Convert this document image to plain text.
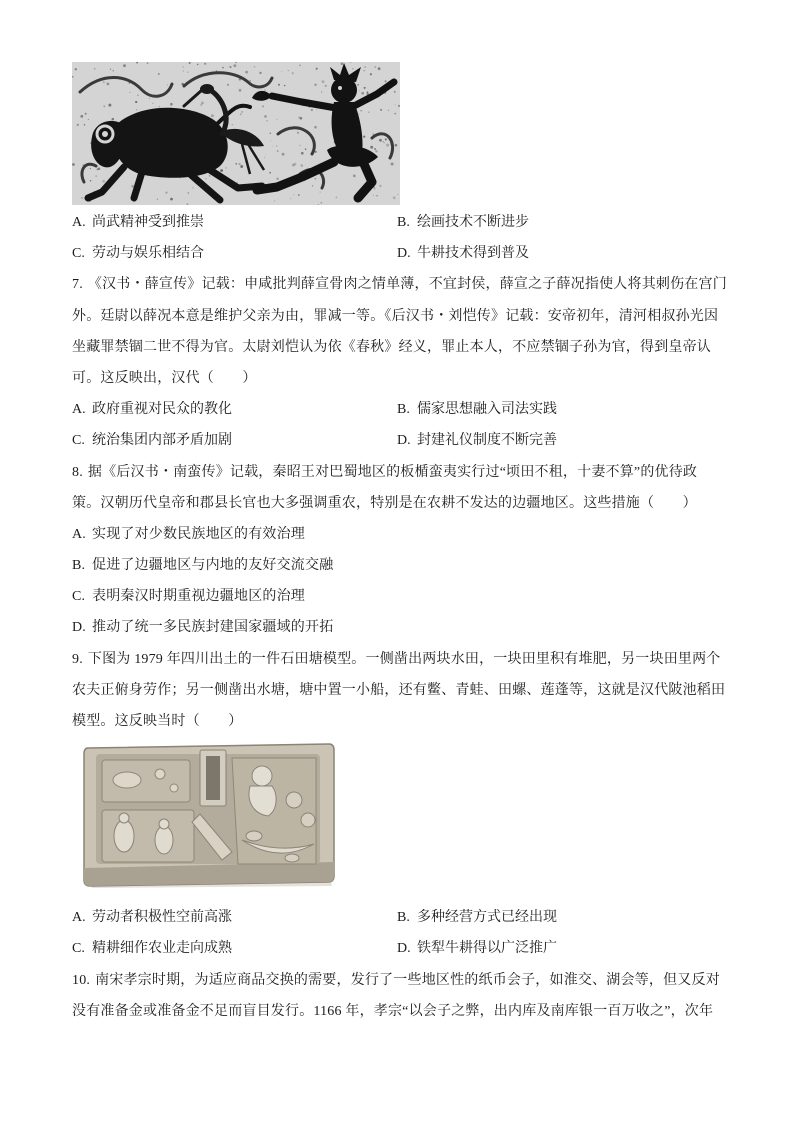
A. 尚武精神受到推崇	B. 绘画技术不断进步
C. 劳动与娱乐相结合	D. 牛耕技术得到普及
7. 《汉书・薛宣传》记载：申咸批判薛宣骨肉之情单薄，不宜封侯，薛宣之子薛况指使人将其刺伤在宫门
外。廷尉以薛况本意是维护父亲为由，罪减一等。《后汉书・刘恺传》记载：安帝初年，清河相叔孙光因
坐藏罪禁锢二世不得为官。太尉刘恺认为依《春秋》经义，罪止本人，不应禁锢子孙为官，得到皇帝认
可。这反映出，汉代（　　）
A. 政府重视对民众的教化	B. 儒家思想融入司法实践
C. 统治集团内部矛盾加剧	D. 封建礼仪制度不断完善
8. 据《后汉书・南蛮传》记载，秦昭王对巴蜀地区的板楯蛮夷实行过“顷田不租，十妻不算”的优待政
策。汉朝历代皇帝和郡县长官也大多强调重农，特别是在农耕不发达的边疆地区。这些措施（　　）
A. 实现了对少数民族地区的有效治理
B. 促进了边疆地区与内地的友好交流交融
C. 表明秦汉时期重视边疆地区的治理
D. 推动了统一多民族封建国家疆域的开拓
9. 下图为 1979 年四川出土的一件石田塘模型。一侧凿出两块水田，一块田里积有堆肥，另一块田里两个
农夫正俯身劳作；另一侧凿出水塘，塘中置一小船，还有鳖、青蛙、田螺、莲蓬等，这就是汉代陂池稻田
模型。这反映当时（　　）
A. 劳动者积极性空前高涨	B. 多种经营方式已经出现
C. 精耕细作农业走向成熟	D. 铁犁牛耕得以广泛推广
10. 南宋孝宗时期，为适应商品交换的需要，发行了一些地区性的纸币会子，如淮交、湖会等，但又反对
没有准备金或准备金不足而盲目发行。1166 年，孝宗“以会子之弊，出内库及南库银一百万收之”，次年
